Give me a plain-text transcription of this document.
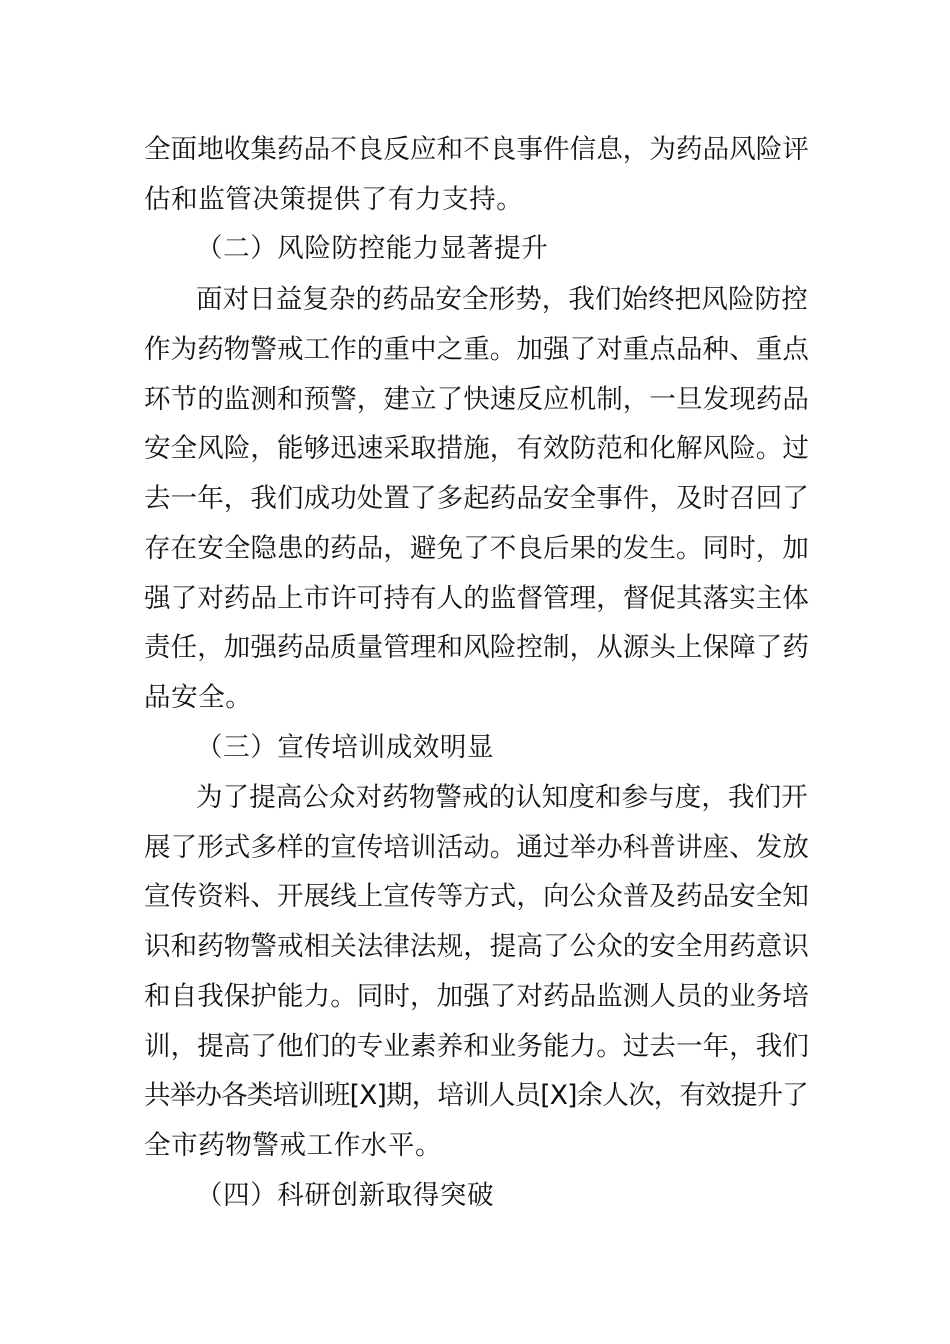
全面地收集药品不良反应和不良事件信息，为药品风险评
估和监管决策提供了有力支持。
（二）风险防控能力显著提升
面对日益复杂的药品安全形势，我们始终把风险防控
作为药物警戒工作的重中之重。加强了对重点品种、重点
环节的监测和预警，建立了快速反应机制，一旦发现药品
安全风险，能够迅速采取措施，有效防范和化解风险。过
去一年，我们成功处置了多起药品安全事件，及时召回了
存在安全隐患的药品，避免了不良后果的发生。同时，加
强了对药品上市许可持有人的监督管理，督促其落实主体
责任，加强药品质量管理和风险控制，从源头上保障了药
品安全。
（三）宣传培训成效明显
为了提高公众对药物警戒的认知度和参与度，我们开
展了形式多样的宣传培训活动。通过举办科普讲座、发放
宣传资料、开展线上宣传等方式，向公众普及药品安全知
识和药物警戒相关法律法规，提高了公众的安全用药意识
和自我保护能力。同时，加强了对药品监测人员的业务培
训，提高了他们的专业素养和业务能力。过去一年，我们
共举办各类培训班[X]期，培训人员[X]余人次，有效提升了
全市药物警戒工作水平。
（四）科研创新取得突破
